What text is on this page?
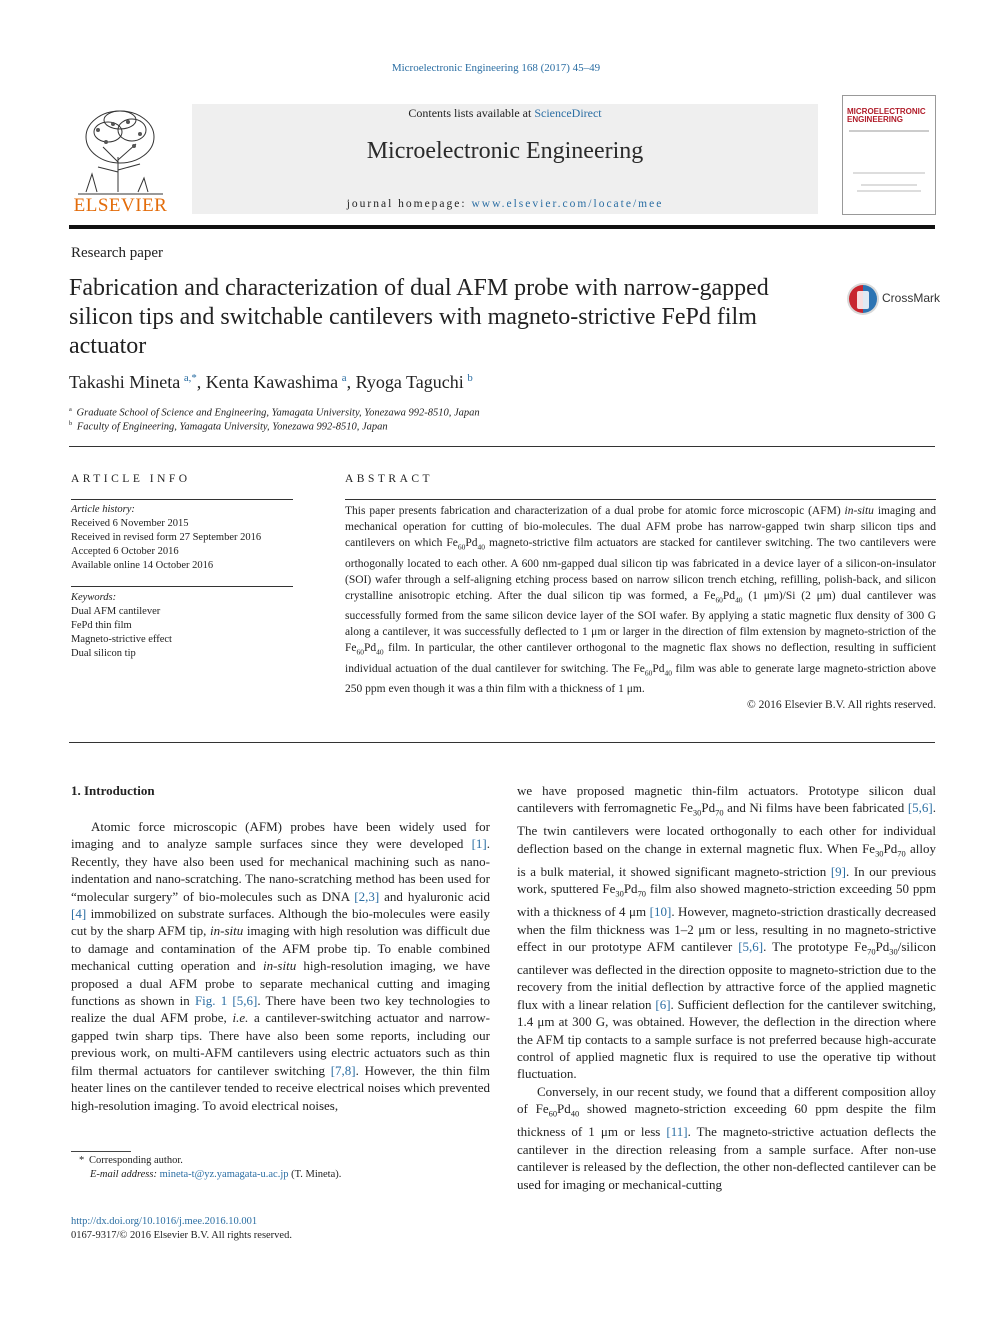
Microelectronic Engineering 168 (2017) 45–49
ELSEVIER
Contents lists available at ScienceDirect
Microelectronic Engineering
journal homepage: www.elsevier.com/locate/mee
MICROELECTRONIC
ENGINEERING
Research paper
Fabrication and characterization of dual AFM probe with narrow-gapped silicon tips and switchable cantilevers with magneto-strictive FePd film actuator
CrossMark
Takashi Mineta  $^{a,*}$, Kenta Kawashima  $^a$, Ryoga Taguchi  $^b$
$^a$  Graduate School of Science and Engineering, Yamagata University, Yonezawa 992-8510, Japan
$^b$  Faculty of Engineering, Yamagata University, Yonezawa 992-8510, Japan
ARTICLE INFO
Article history:
Received 6 November 2015
Received in revised form 27 September 2016
Accepted 6 October 2016
Available online 14 October 2016
Keywords:
Dual AFM cantilever
FePd thin film
Magneto-strictive effect
Dual silicon tip
ABSTRACT
This paper presents fabrication and characterization of a dual probe for atomic force microscopic (AFM) in-situ imaging and mechanical operation for cutting of bio-molecules. The dual AFM probe has narrow-gapped twin sharp silicon tips and cantilevers on which $Fe_{60}Pd_{40}$ magneto-strictive film actuators are stacked for cantilever switching. The two cantilevers were orthogonally located to each other. A 600 nm-gapped dual silicon tip was fabricated in a device layer of a silicon-on-insulator (SOI) wafer through a self-aligning etching process based on narrow silicon trench etching, refilling, polish-back, and silicon crystalline anisotropic etching. After the dual silicon tip was formed, a $Fe_{60}Pd_{40}$ (1 μm)/Si (2 μm) dual cantilever was successfully formed from the same silicon device layer of the SOI wafer. By applying a static magnetic flux density of 300 G along a cantilever, it was successfully deflected to 1 μm or larger in the direction of film extension by magneto-striction of the $Fe_{60}Pd_{40}$ film. In particular, the other cantilever orthogonal to the magnetic flax shows no deflection, resulting in sufficient individual actuation of the dual cantilever for switching. The $Fe_{60}Pd_{40}$ film was able to generate large magneto-striction above 250 ppm even though it was a thin film with a thickness of 1 μm.
© 2016 Elsevier B.V. All rights reserved.
1. Introduction

Atomic force microscopic (AFM) probes have been widely used for imaging and to analyze sample surfaces since they were developed [1]. Recently, they have also been used for mechanical machining such as nano-indentation and nano-scratching. The nano-scratching method has been used for “molecular surgery” of bio-molecules such as DNA [2,3] and hyaluronic acid [4] immobilized on substrate surfaces. Although the bio-molecules were easily cut by the sharp AFM tip, in-situ imaging with high resolution was difficult due to damage and contamination of the AFM probe tip. To enable combined mechanical cutting operation and in-situ high-resolution imaging, we have proposed a dual AFM probe to separate mechanical cutting and imaging functions as shown in Fig. 1 [5,6]. There have been two key technologies to realize the dual AFM probe, i.e. a cantilever-switching actuator and narrow-gapped twin sharp tips. There have also been some reports, including our previous work, on multi-AFM cantilevers using electric actuators such as thin film thermal actuators for cantilever switching [7,8]. However, the thin film heater lines on the cantilever tended to receive electrical noises which prevented high-resolution imaging. To avoid electrical noises,

we have proposed magnetic thin-film actuators. Prototype silicon dual cantilevers with ferromagnetic $Fe_{30}Pd_{70}$ and Ni films have been fabricated [5,6]. The twin cantilevers were located orthogonally to each other for individual deflection based on the change in external magnetic flux. When $Fe_{30}Pd_{70}$ alloy is a bulk material, it showed significant magneto-striction [9]. In our previous work, sputtered $Fe_{30}Pd_{70}$ film also showed magneto-striction exceeding 50 ppm with a thickness of 4 μm [10]. However, magneto-striction drastically decreased when the film thickness was 1–2 μm or less, resulting in no magneto-strictive effect in our prototype AFM cantilever [5,6]. The prototype $Fe_{70}Pd_{30}$/silicon cantilever was deflected in the direction opposite to magneto-striction due to the recovery from the initial deflection by attractive force of the applied magnetic flux with a linear relation [6]. Sufficient deflection for the cantilever switching, 1.4 μm at 300 G, was obtained. However, the deflection in the direction where the AFM tip contacts to a sample surface is not preferred because high-accurate control of applied magnetic flux is required to use the operative tip without fluctuation.

Conversely, in our recent study, we found that a different composition alloy of $Fe_{60}Pd_{40}$ showed magneto-striction exceeding 60 ppm despite the film thickness of 1 μm or less [11]. The magneto-strictive actuation deflects the cantilever in the direction releasing from a sample surface. After non-use cantilever is released by the deflection, the other non-deflected cantilever can be used for imaging or mechanical-cutting

*  Corresponding author.
E-mail address: mineta-t@yz.yamagata-u.ac.jp (T. Mineta).
http://dx.doi.org/10.1016/j.mee.2016.10.001
0167-9317/© 2016 Elsevier B.V. All rights reserved.
